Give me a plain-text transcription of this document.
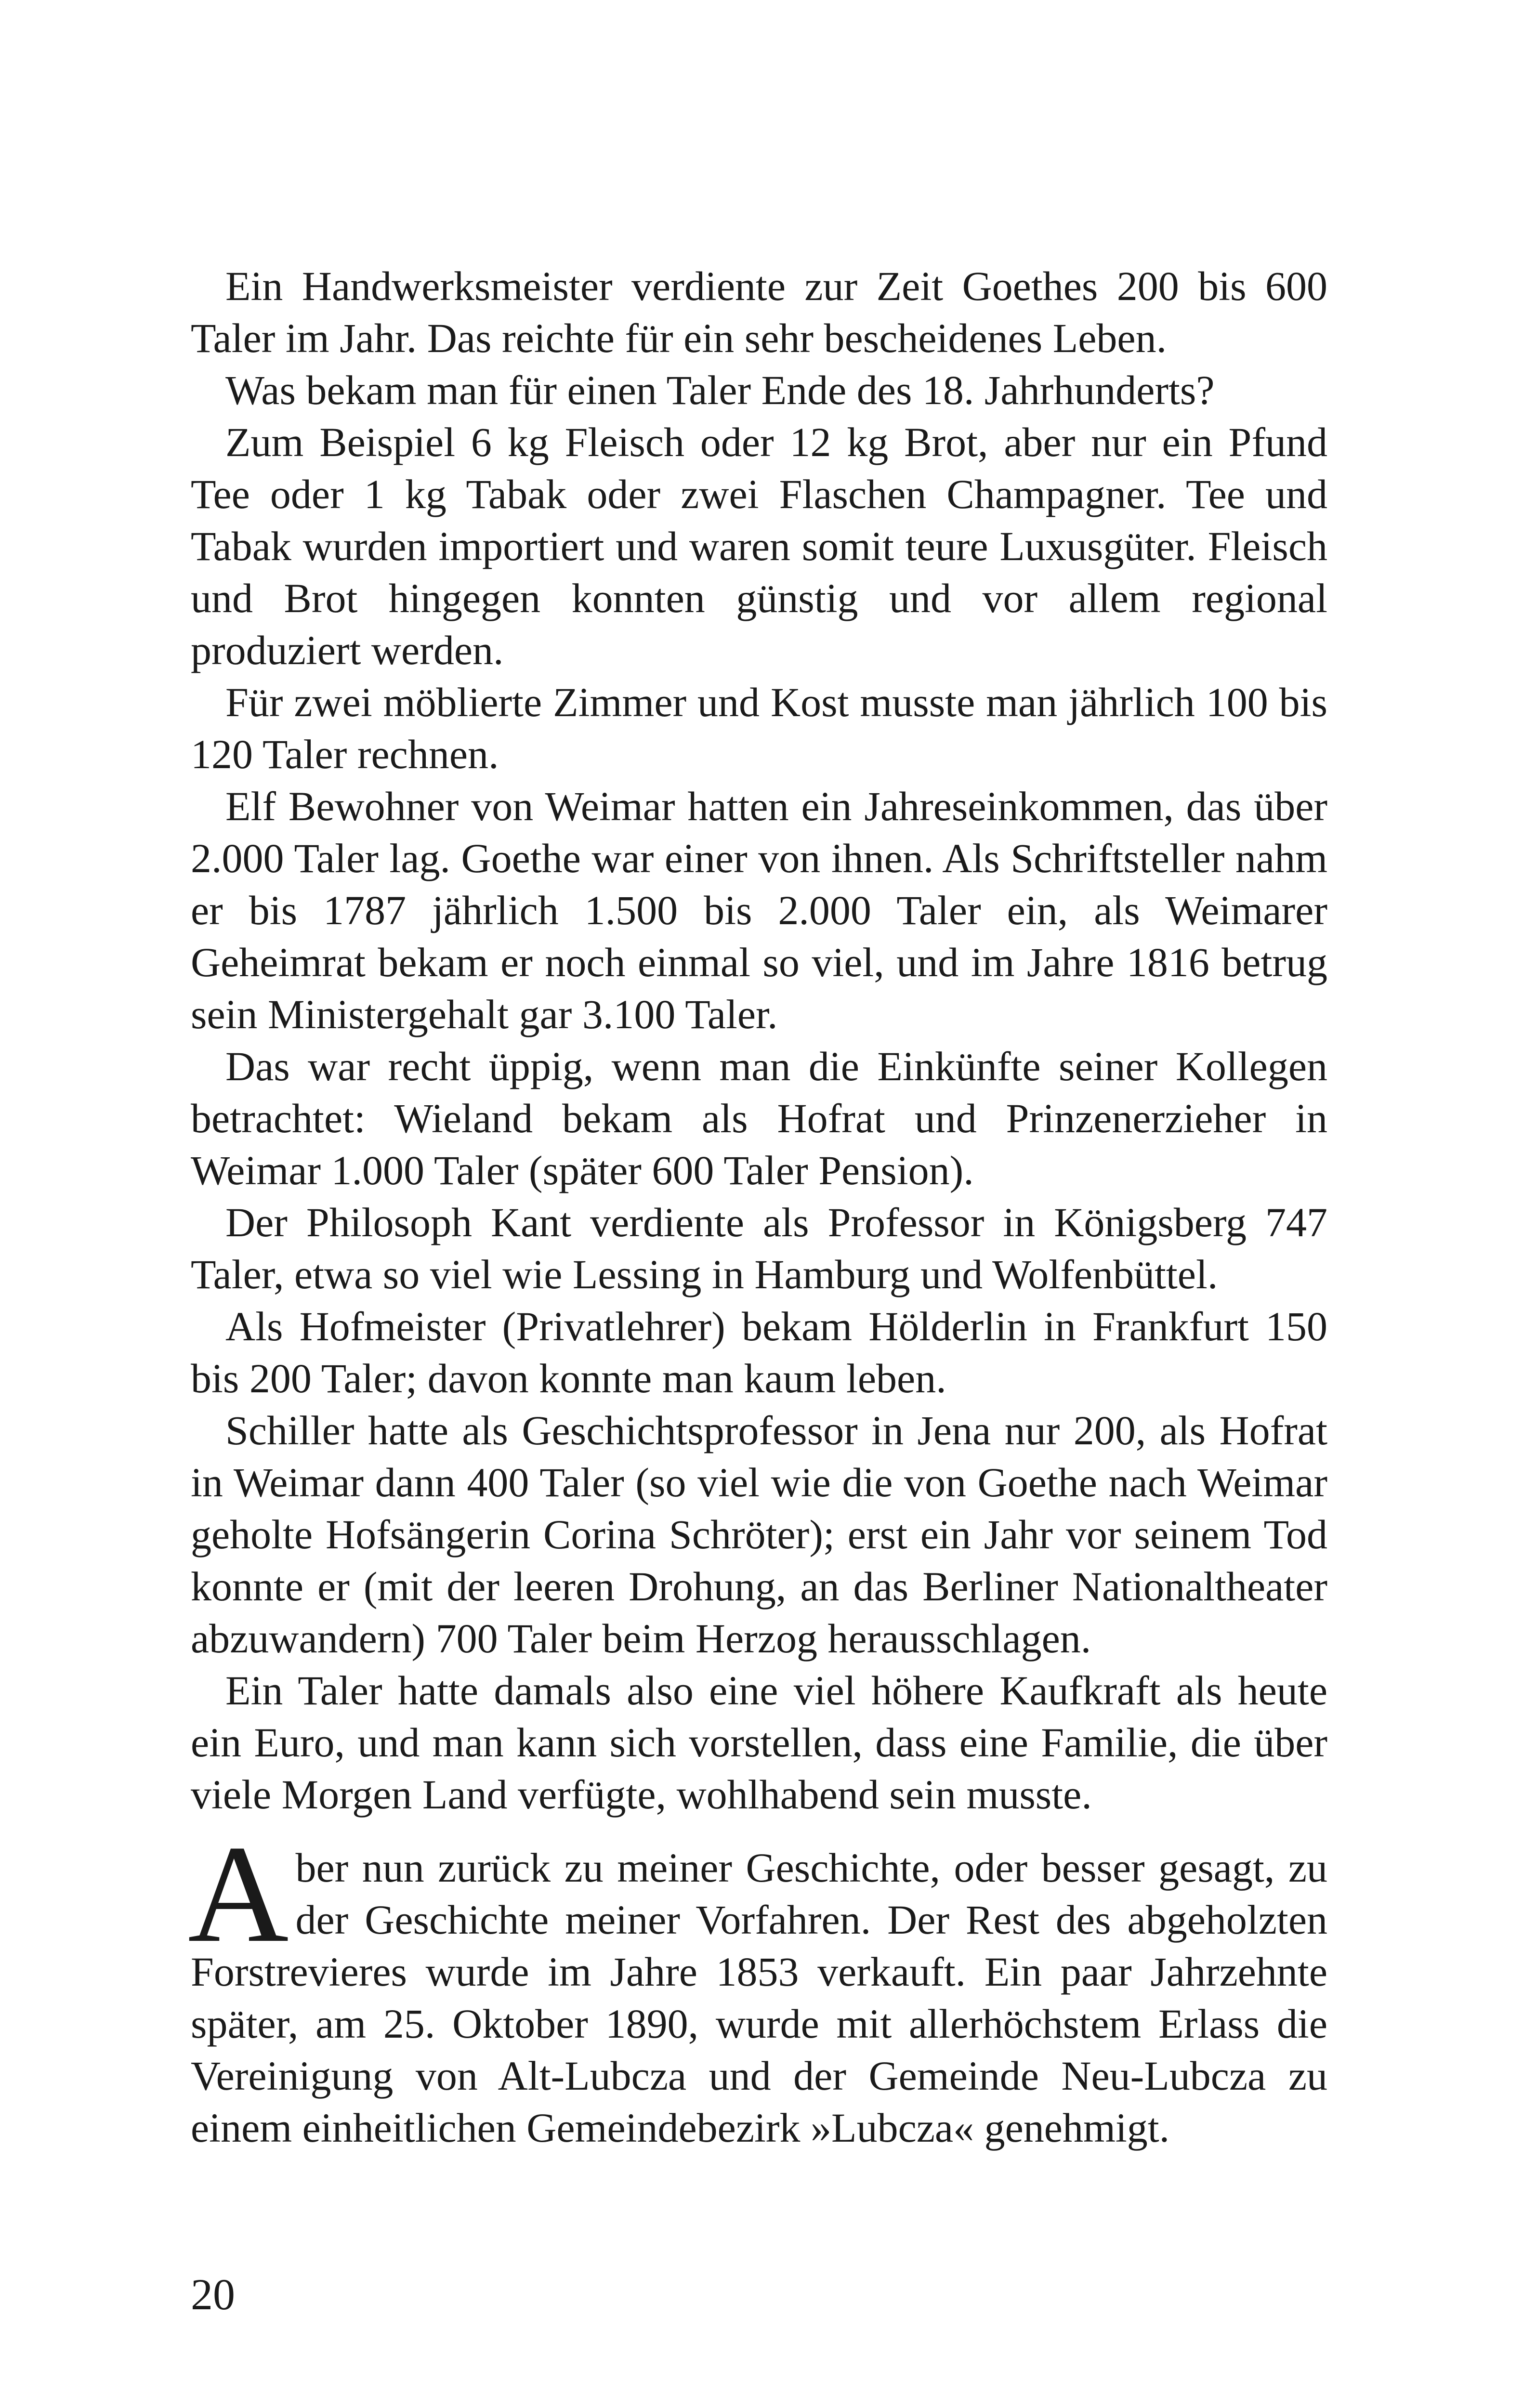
Ein Handwerksmeister verdiente zur Zeit Goethes 200 bis 600 Taler im Jahr. Das reichte für ein sehr bescheidenes Leben.

Was bekam man für einen Taler Ende des 18. Jahrhunderts?

Zum Beispiel 6 kg Fleisch oder 12 kg Brot, aber nur ein Pfund Tee oder 1 kg Tabak oder zwei Flaschen Champagner. Tee und Tabak wurden importiert und waren somit teure Luxusgüter. Fleisch und Brot hingegen konnten günstig und vor allem regional produziert werden.

Für zwei möblierte Zimmer und Kost musste man jährlich 100 bis 120 Taler rechnen.

Elf Bewohner von Weimar hatten ein Jahreseinkommen, das über 2.000 Taler lag. Goethe war einer von ihnen. Als Schriftsteller nahm er bis 1787 jährlich 1.500 bis 2.000 Taler ein, als Weimarer Geheimrat bekam er noch einmal so viel, und im Jahre 1816 betrug sein Ministergehalt gar 3.100 Taler.

Das war recht üppig, wenn man die Einkünfte seiner Kollegen betrachtet: Wieland bekam als Hofrat und Prinzenerzieher in Weimar 1.000 Taler (später 600 Taler Pension).

Der Philosoph Kant verdiente als Professor in Königsberg 747 Taler, etwa so viel wie Lessing in Hamburg und Wolfenbüttel.

Als Hofmeister (Privatlehrer) bekam Hölderlin in Frankfurt 150 bis 200 Taler; davon konnte man kaum leben.

Schiller hatte als Geschichtsprofessor in Jena nur 200, als Hofrat in Weimar dann 400 Taler (so viel wie die von Goethe nach Weimar geholte Hofsängerin Corina Schröter); erst ein Jahr vor seinem Tod konnte er (mit der leeren Drohung, an das Berliner Nationaltheater abzuwandern) 700 Taler beim Herzog herausschlagen.

Ein Taler hatte damals also eine viel höhere Kaufkraft als heute ein Euro, und man kann sich vorstellen, dass eine Familie, die über viele Morgen Land verfügte, wohlhabend sein musste.

Aber nun zurück zu meiner Geschichte, oder besser gesagt, zu der Geschichte meiner Vorfahren. Der Rest des abgeholzten Forstrevieres wurde im Jahre 1853 verkauft. Ein paar Jahrzehnte später, am 25. Oktober 1890, wurde mit allerhöchstem Erlass die Vereinigung von Alt-Lubcza und der Gemeinde Neu-Lubcza zu einem einheitlichen Gemeindebezirk »Lubcza« genehmigt.

20
